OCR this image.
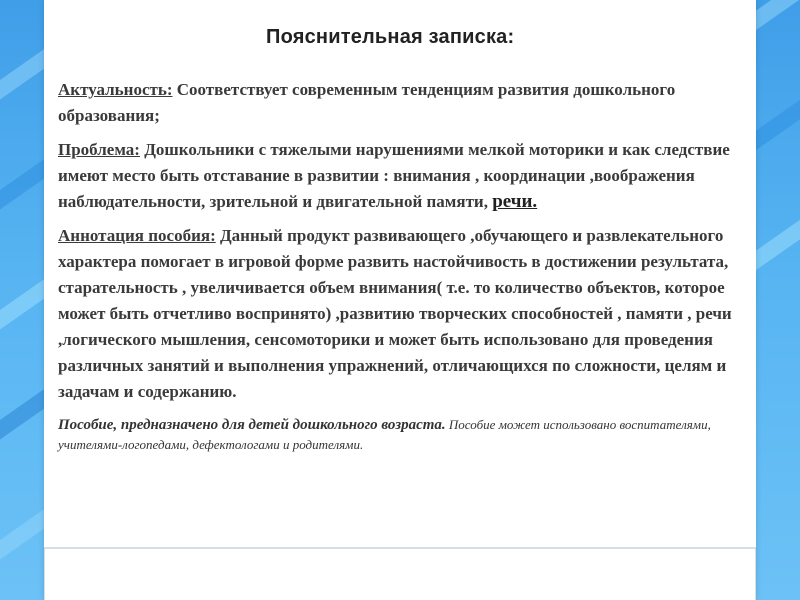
Пояснительная записка:

Актуальность: Соответствует современным тенденциям развития дошкольного образования;

Проблема: Дошкольники с тяжелыми нарушениями мелкой моторики и как следствие имеют место быть отставание в развитии : внимания , координации ,воображения наблюдательности, зрительной и двигательной памяти, речи.

Аннотация пособия: Данный продукт развивающего ,обучающего и развлекательного характера помогает в игровой форме развить настойчивость в достижении результата, старательность , увеличивается объем внимания( т.е. то количество объектов, которое может быть отчетливо воспринято) ,развитию творческих способностей , памяти , речи ,логического мышления, сенсомоторики и может быть использовано для проведения различных занятий и выполнения упражнений, отличающихся по сложности, целям и задачам и содержанию.

Пособие, предназначено для детей дошкольного возраста. Пособие может использовано воспитателями, учителями-логопедами, дефектологами и родителями.
